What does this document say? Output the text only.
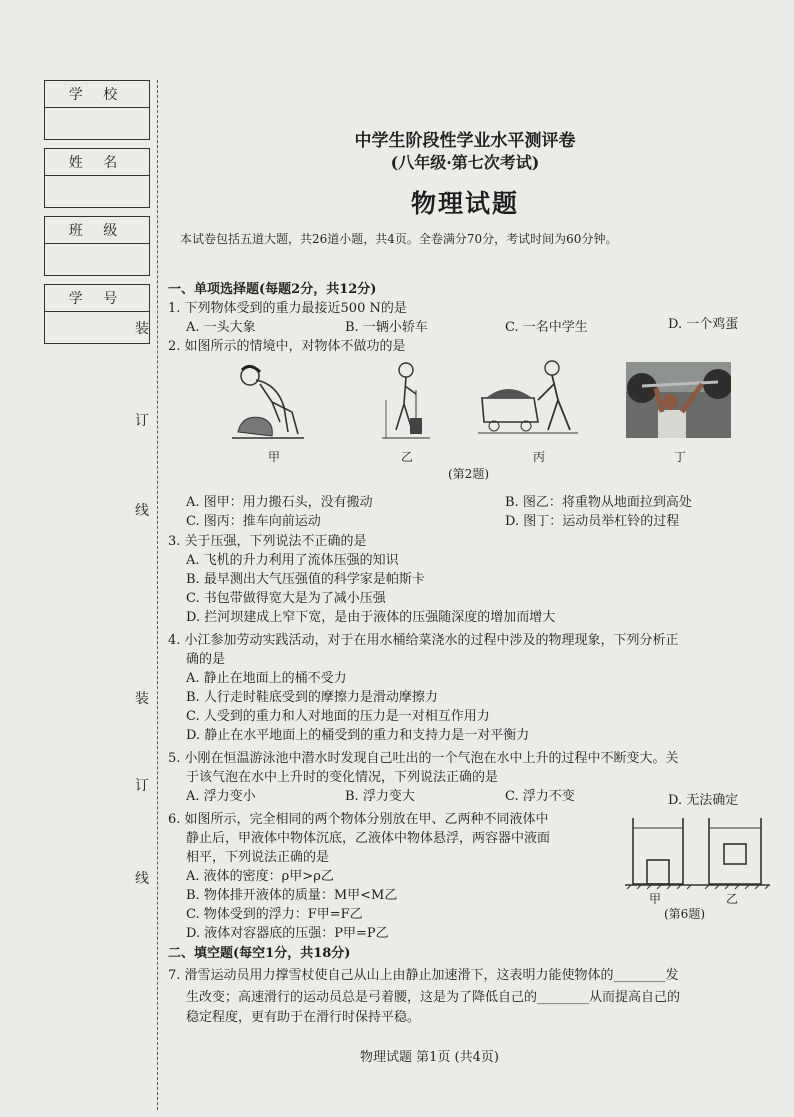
学 校
姓 名
班 级
学 号
装
订
线
装
订
线
中学生阶段性学业水平测评卷
(八年级·第七次考试)
物理试题
本试卷包括五道大题，共26道小题，共4页。全卷满分70分，考试时间为60分钟。
一、单项选择题(每题2分，共12分)
1. 下列物体受到的重力最接近500 N的是
A. 一头大象	B. 一辆小轿车	C. 一名中学生	D. 一个鸡蛋
2. 如图所示的情境中，对物体不做功的是
甲	乙	丙	丁
(第2题)
A. 图甲：用力搬石头，没有搬动	B. 图乙：将重物从地面拉到高处
C. 图丙：推车向前运动	D. 图丁：运动员举杠铃的过程
3. 关于压强，下列说法不正确的是
A. 飞机的升力利用了流体压强的知识
B. 最早测出大气压强值的科学家是帕斯卡
C. 书包带做得宽大是为了减小压强
D. 拦河坝建成上窄下宽，是由于液体的压强随深度的增加而增大
4. 小江参加劳动实践活动，对于在用水桶给菜浇水的过程中涉及的物理现象，下列分析正
确的是
A. 静止在地面上的桶不受力
B. 人行走时鞋底受到的摩擦力是滑动摩擦力
C. 人受到的重力和人对地面的压力是一对相互作用力
D. 静止在水平地面上的桶受到的重力和支持力是一对平衡力
5. 小刚在恒温游泳池中潜水时发现自己吐出的一个气泡在水中上升的过程中不断变大。关
于该气泡在水中上升时的变化情况，下列说法正确的是
A. 浮力变小	B. 浮力变大	C. 浮力不变	D. 无法确定
6. 如图所示，完全相同的两个物体分别放在甲、乙两种不同液体中
静止后，甲液体中物体沉底，乙液体中物体悬浮，两容器中液面
相平，下列说法正确的是
A. 液体的密度：ρ甲>ρ乙
B. 物体排开液体的质量：M甲<M乙
C. 物体受到的浮力：F甲=F乙
D. 液体对容器底的压强：P甲=P乙
甲	乙
(第6题)
二、填空题(每空1分，共18分)
7. 滑雪运动员用力撑雪杖使自己从山上由静止加速滑下，这表明力能使物体的________发
生改变；高速滑行的运动员总是弓着腰，这是为了降低自己的________从而提高自己的
稳定程度，更有助于在滑行时保持平稳。
物理试题 第1页 (共4页)
